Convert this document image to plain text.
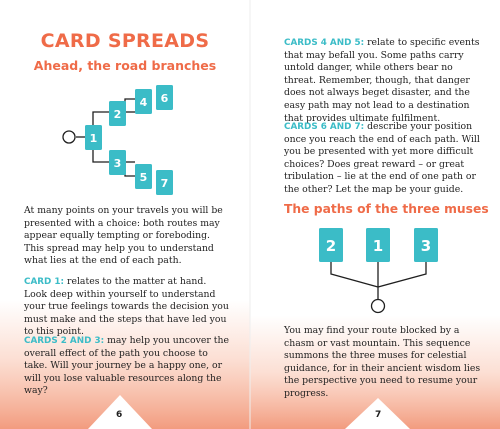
CARD SPREADS
Ahead, the road branches
1
2
3
4
5
6
7

At many points on your travels you will be presented with a choice: both routes may appear equally tempting or foreboding. This spread may help you to understand what lies at the end of each path.

CARD 1: relates to the matter at hand. Look deep within yourself to understand your true feelings towards the decision you must make and the steps that have led you to this point.

CARDS 2 AND 3: may help you uncover the overall effect of the path you choose to take. Will your journey be a happy one, or will you lose valuable resources along the way?

6

CARDS 4 AND 5: relate to specific events that may befall you. Some paths carry untold danger, while others bear no threat. Remember, though, that danger does not always beget disaster, and the easy path may not lead to a destination that provides ultimate fulfilment.

CARDS 6 AND 7: describe your position once you reach the end of each path. Will you be presented with yet more difficult choices? Does great reward – or great tribulation – lie at the end of one path or the other? Let the map be your guide.

The paths of the three muses
2 1	3

You may find your route blocked by a chasm or vast mountain. This sequence summons the three muses for celestial guidance, for in their ancient wisdom lies the perspective you need to resume your progress.

7
